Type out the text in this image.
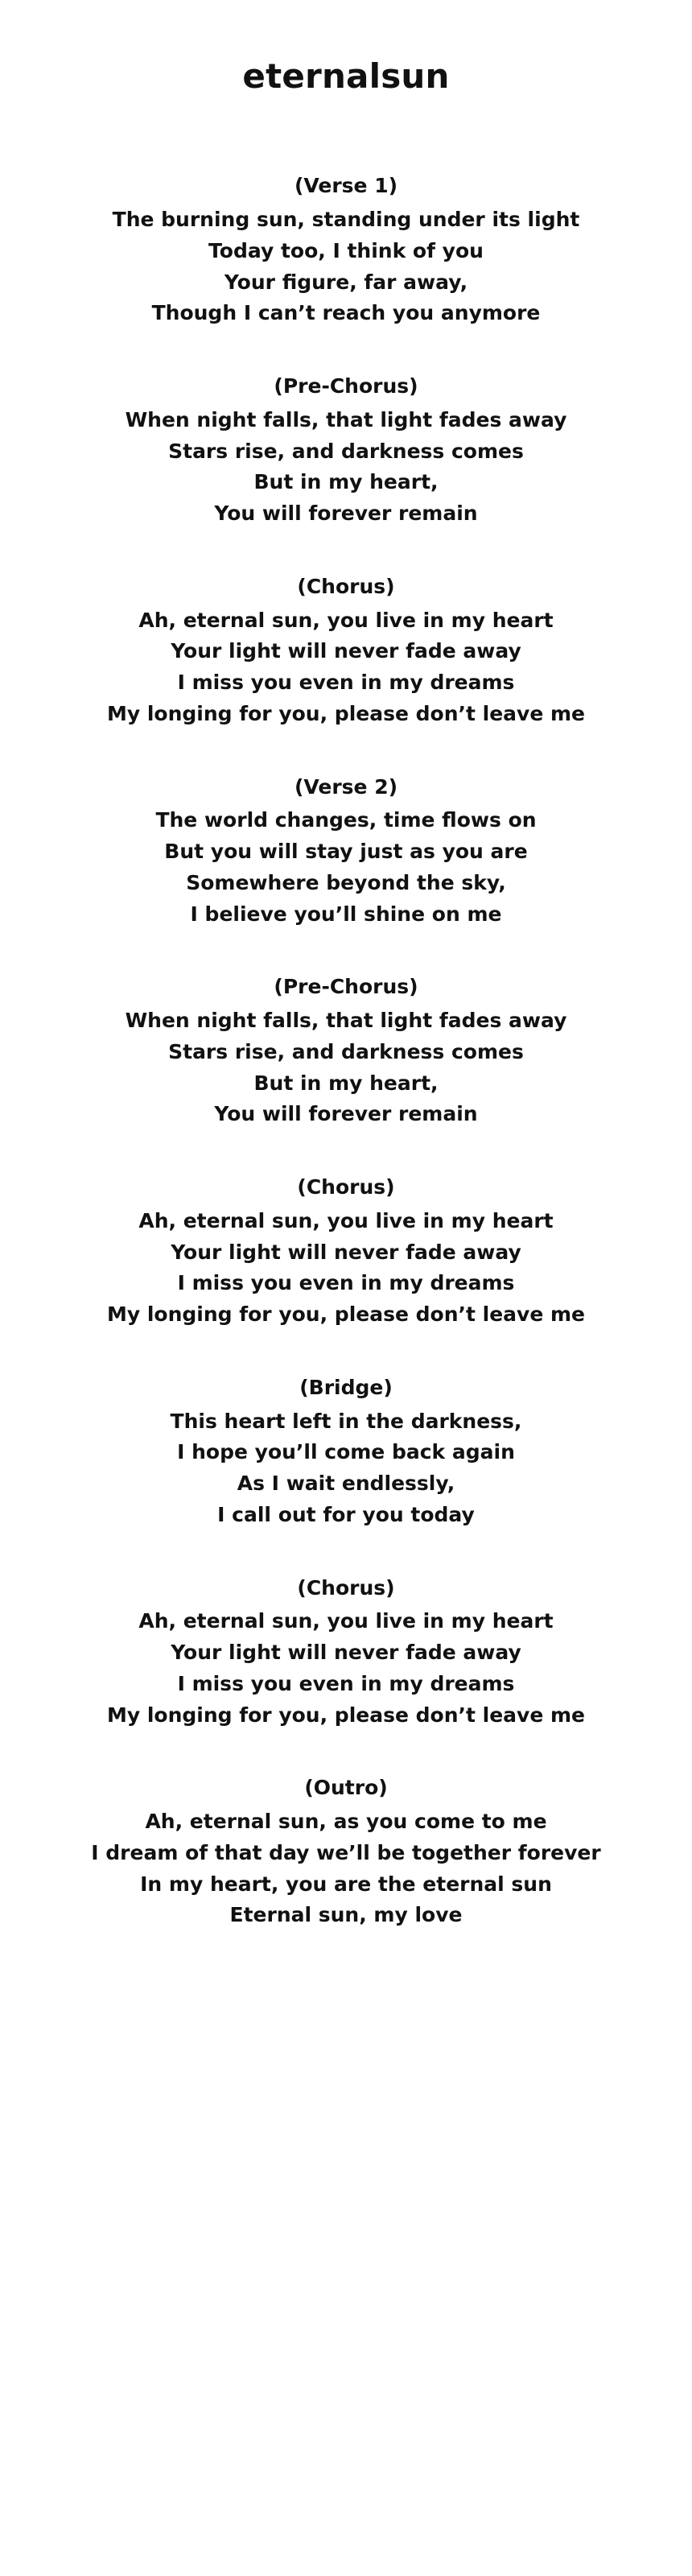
eternalsun
(Verse 1)
The burning sun, standing under its light
Today too, I think of you
Your figure, far away,
Though I can’t reach you anymore
(Pre-Chorus)
When night falls, that light fades away
Stars rise, and darkness comes
But in my heart,
You will forever remain
(Chorus)
Ah, eternal sun, you live in my heart
Your light will never fade away
I miss you even in my dreams
My longing for you, please don’t leave me
(Verse 2)
The world changes, time flows on
But you will stay just as you are
Somewhere beyond the sky,
I believe you’ll shine on me
(Pre-Chorus)
When night falls, that light fades away
Stars rise, and darkness comes
But in my heart,
You will forever remain
(Chorus)
Ah, eternal sun, you live in my heart
Your light will never fade away
I miss you even in my dreams
My longing for you, please don’t leave me
(Bridge)
This heart left in the darkness,
I hope you’ll come back again
As I wait endlessly,
I call out for you today
(Chorus)
Ah, eternal sun, you live in my heart
Your light will never fade away
I miss you even in my dreams
My longing for you, please don’t leave me
(Outro)
Ah, eternal sun, as you come to me
I dream of that day we’ll be together forever
In my heart, you are the eternal sun
Eternal sun, my love
